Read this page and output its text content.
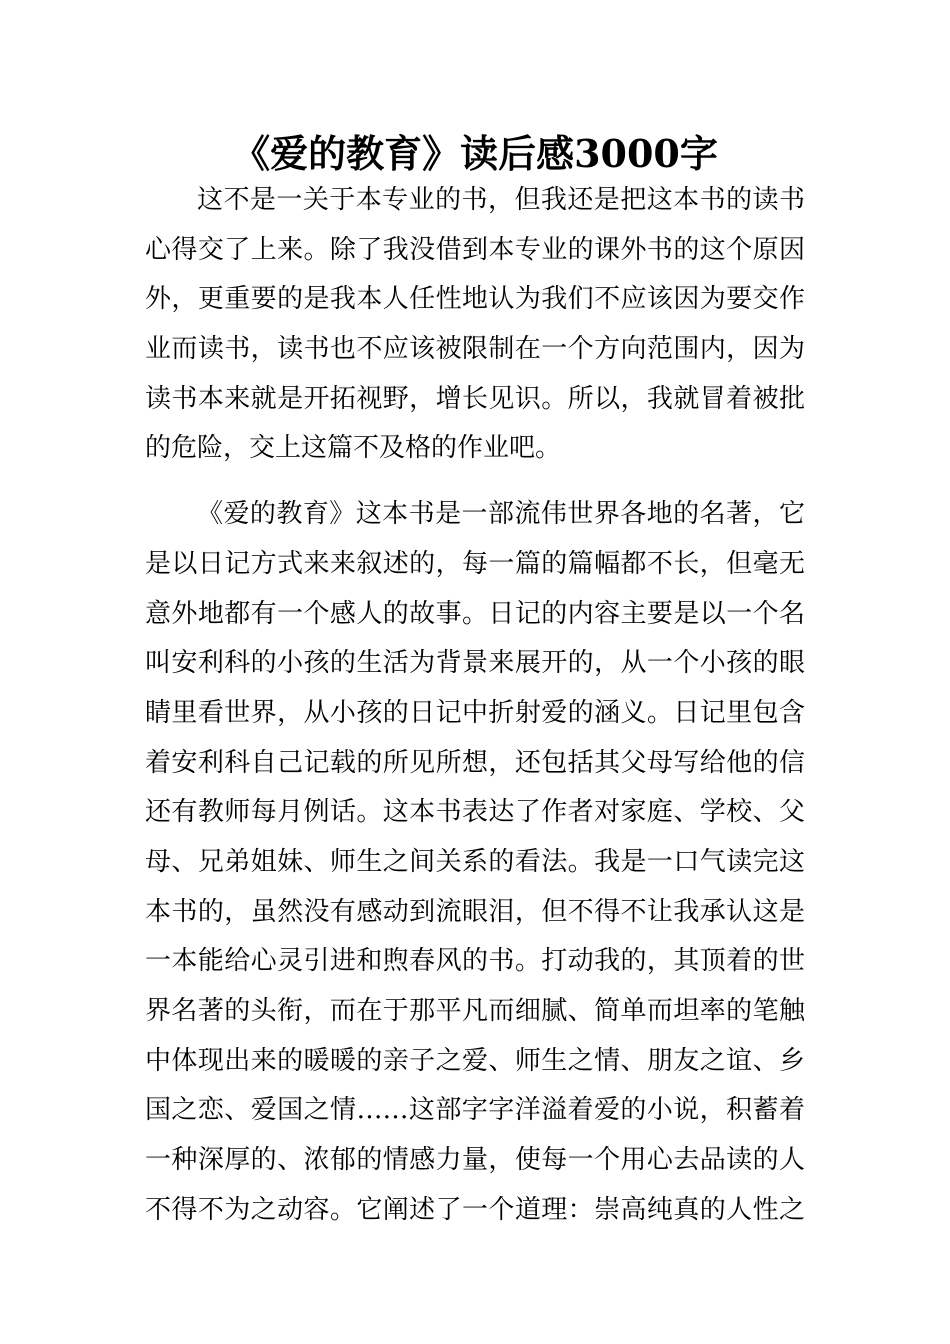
《爱的教育》读后感3000字
这不是一关于本专业的书，但我还是把这本书的读书
心得交了上来。除了我没借到本专业的课外书的这个原因
外，更重要的是我本人任性地认为我们不应该因为要交作
业而读书，读书也不应该被限制在一个方向范围内，因为
读书本来就是开拓视野，增长见识。所以，我就冒着被批
的危险，交上这篇不及格的作业吧。
《爱的教育》这本书是一部流伟世界各地的名著，它
是以日记方式来来叙述的，每一篇的篇幅都不长，但毫无
意外地都有一个感人的故事。日记的内容主要是以一个名
叫安利科的小孩的生活为背景来展开的，从一个小孩的眼
睛里看世界，从小孩的日记中折射爱的涵义。日记里包含
着安利科自己记载的所见所想，还包括其父母写给他的信
还有教师每月例话。这本书表达了作者对家庭、学校、父
母、兄弟姐妹、师生之间关系的看法。我是一口气读完这
本书的，虽然没有感动到流眼泪，但不得不让我承认这是
一本能给心灵引进和煦春风的书。打动我的，其顶着的世
界名著的头衔，而在于那平凡而细腻、简单而坦率的笔触
中体现出来的暖暖的亲子之爱、师生之情、朋友之谊、乡
国之恋、爱国之情……这部字字洋溢着爱的小说，积蓄着
一种深厚的、浓郁的情感力量，使每一个用心去品读的人
不得不为之动容。它阐述了一个道理：崇高纯真的人性之
